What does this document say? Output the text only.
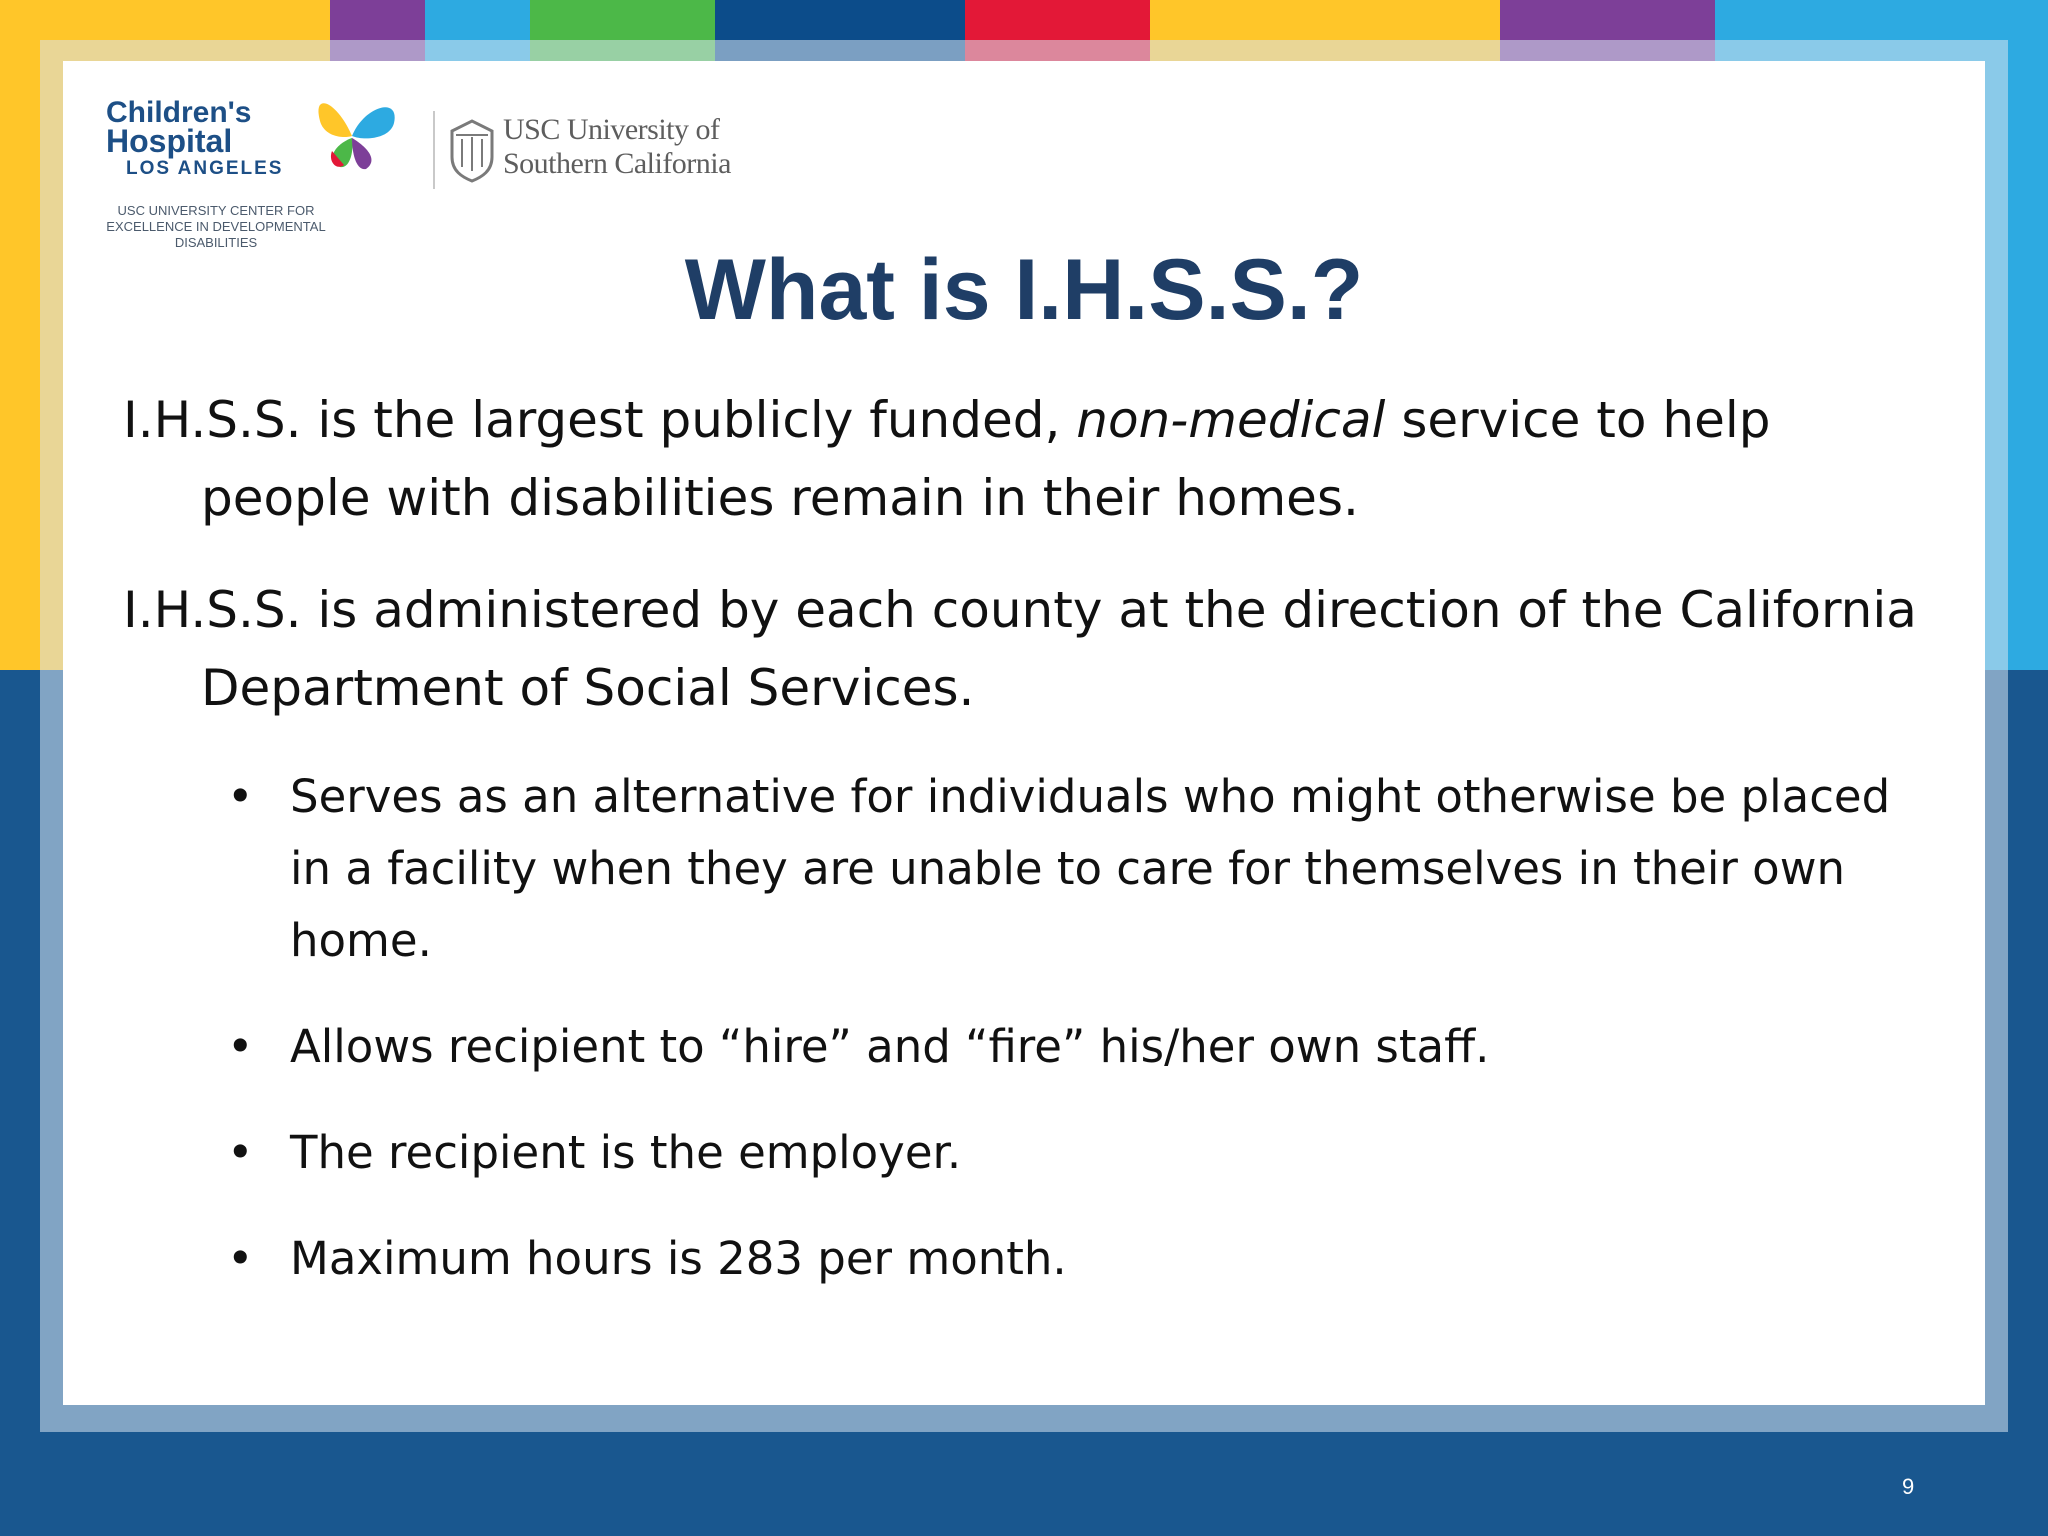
Children's
Hospital
LOS ANGELES
USC UNIVERSITY CENTER FOR EXCELLENCE IN DEVELOPMENTAL DISABILITIES
USC University of
Southern California
What is I.H.S.S.?

I.H.S.S. is the largest publicly funded, non-medical service to help people with disabilities remain in their homes.

I.H.S.S. is administered by each county at the direction of the California Department of Social Services.

• Serves as an alternative for individuals who might otherwise be placed in a facility when they are unable to care for themselves in their own home.
• Allows recipient to “hire” and “fire” his/her own staff.
• The recipient is the employer.
• Maximum hours is 283 per month.
9
